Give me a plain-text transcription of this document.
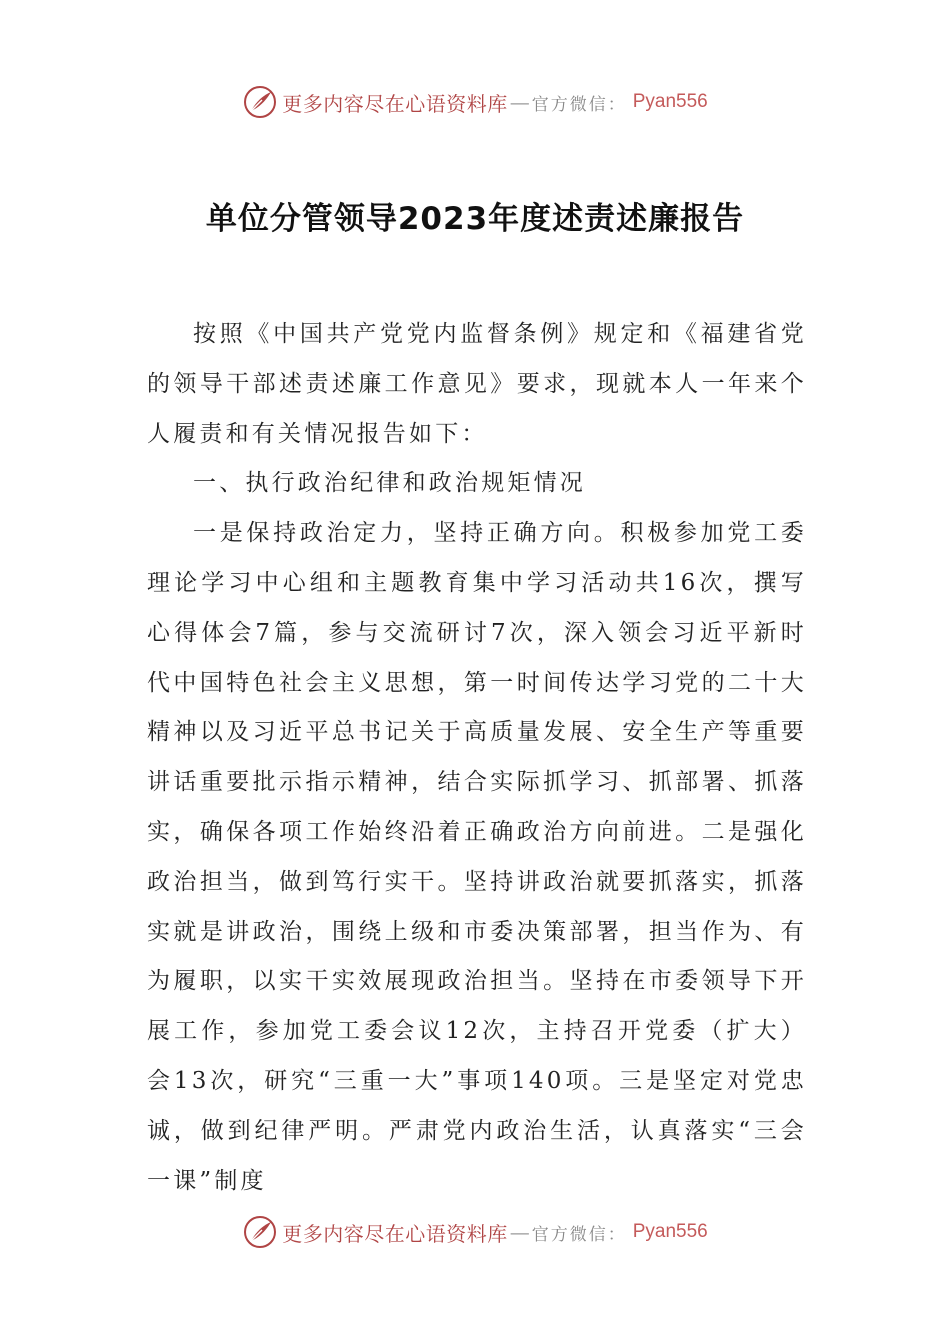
更多内容尽在心语资料库 — 官方微信： Pyan556
单位分管领导2023年度述责述廉报告

按照《中国共产党党内监督条例》规定和《福建省党的领导干部述责述廉工作意见》要求，现就本人一年来个人履责和有关情况报告如下：

一、执行政治纪律和政治规矩情况

一是保持政治定力，坚持正确方向。积极参加党工委理论学习中心组和主题教育集中学习活动共16次，撰写心得体会7篇，参与交流研讨7次，深入领会习近平新时代中国特色社会主义思想，第一时间传达学习党的二十大精神以及习近平总书记关于高质量发展、安全生产等重要讲话重要批示指示精神，结合实际抓学习、抓部署、抓落实，确保各项工作始终沿着正确政治方向前进。二是强化政治担当，做到笃行实干。坚持讲政治就要抓落实，抓落实就是讲政治，围绕上级和市委决策部署，担当作为、有为履职，以实干实效展现政治担当。坚持在市委领导下开展工作，参加党工委会议12次，主持召开党委（扩大）会13次，研究“三重一大”事项140项。三是坚定对党忠诚，做到纪律严明。严肃党内政治生活，认真落实“三会一课”制度

更多内容尽在心语资料库 — 官方微信： Pyan556
